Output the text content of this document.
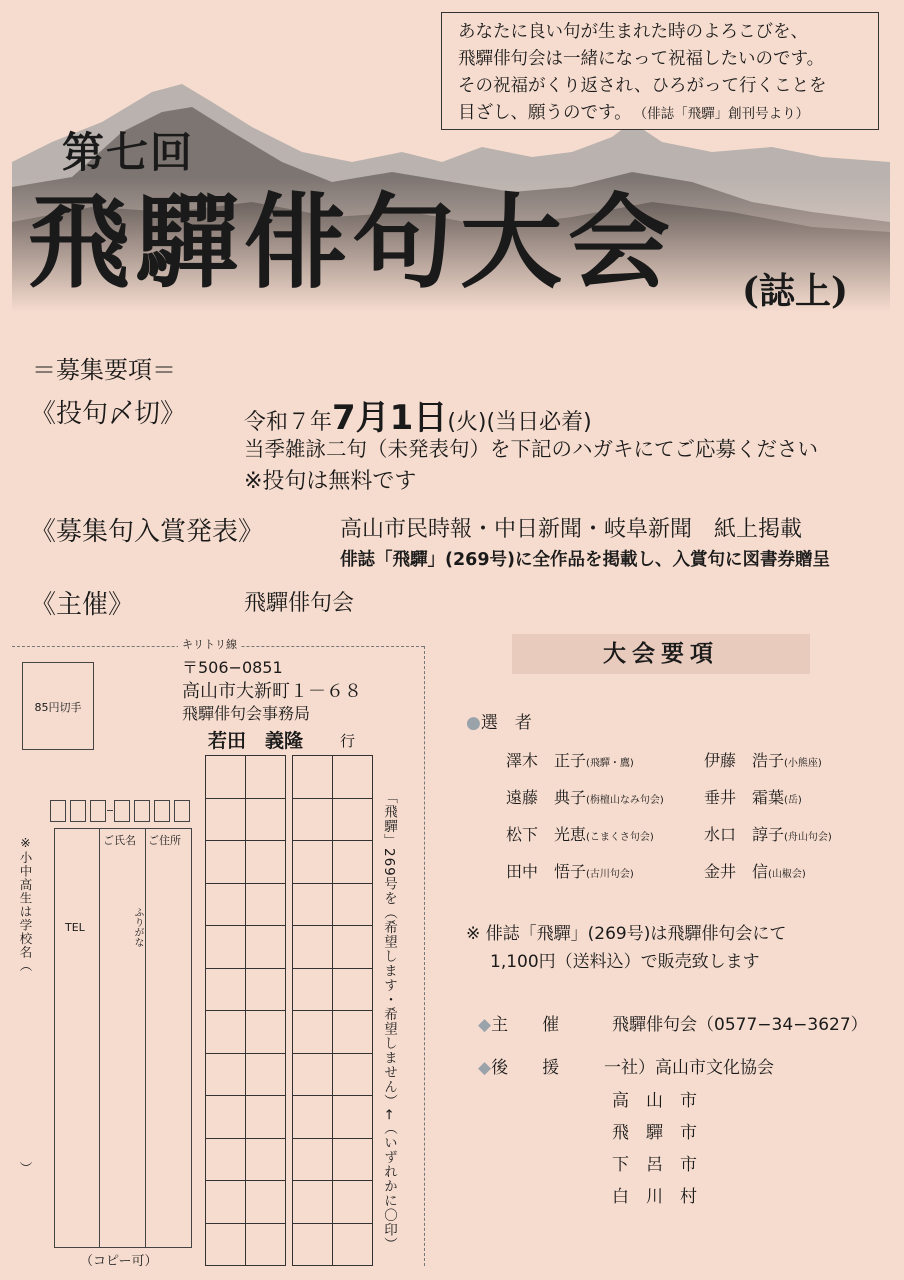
あなたに良い句が生まれた時のよろこびを、
飛驒俳句会は一緒になって祝福したいのです。
その祝福がくり返され、ひろがって行くことを
目ざし、願うのです。　 （俳誌「飛驒」創刊号より）
第七回
飛驒俳句大会 (誌上)
＝募集要項＝
《投句〆切》	令和７年7月1日(火)(当日必着)
当季雑詠二句（未発表句）を下記のハガキにてご応募ください
※投句は無料です
《募集句入賞発表》	高山市民時報・中日新聞・岐阜新聞　紙上掲載
俳誌「飛驒」(269号)に全作品を掲載し、入賞句に図書券贈呈
《主催》	飛驒俳句会
キリトリ線
85円切手
〒506−0851
高山市大新町１－６８
飛驒俳句会事務局
若田　義隆 行
ご氏名 ご住所
ふりがな
TEL
※小中高生は学校名（　　　　　　　　　　　　　　）
（コピー可）
「飛驒」269号を（希望します・希望しません）←（いずれかに〇印）
大会要項
●選　者
澤木　正子(飛驒・鷹)	伊藤　浩子(小熊座)
遠藤　典子(栴檀山なみ句会)	垂井　霜葉(岳)
松下　光恵(こまくさ句会)	水口　諄子(舟山句会)
田中　悟子(古川句会)	金井　信(山椒会)
※ 俳誌「飛驒」(269号)は飛驒俳句会にて
1,100円（送料込）で販売致します
◆主　　催	飛驒俳句会（0577−34−3627）
◆後　　援	一社）高山市文化協会
高　山　市
飛　驒　市
下　呂　市
白　川　村
